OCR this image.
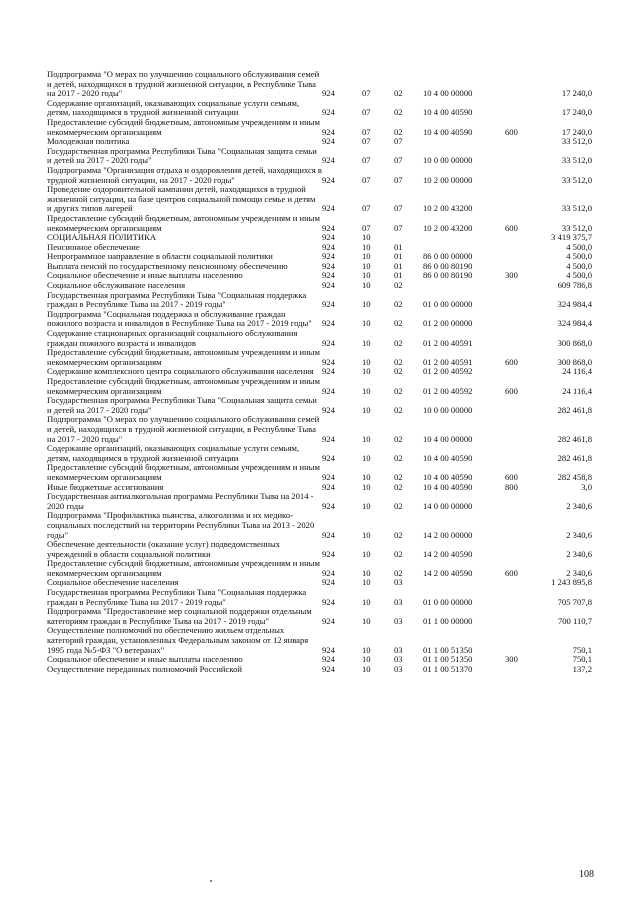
Подпрограмма "О мерах по улучшению социального обслуживания семей и детей, находящихся в трудной жизненной ситуации, в Республике Тыва на 2017 - 2020 годы"	924	07	02	10 4 00 00000		17 240,0
Содержание организаций, оказывающих социальные услуги семьям, детям, находящимся в трудной жизненной ситуации	924	07	02	10 4 00 40590		17 240,0
Предоставление субсидий бюджетным, автономным учреждениям и иным некоммерческим организациям	924	07	02	10 4 00 40590	600	17 240,0
Молодежная политика	924	07	07			33 512,0
Государственная программа Республики Тыва "Социальная защита семьи и детей на 2017 - 2020 годы"	924	07	07	10 0 00 00000		33 512,0
Подпрограмма "Организация отдыха и оздоровления детей, находящихся в трудной жизненной ситуации, на 2017 - 2020 годы"	924	07	07	10 2 00 00000		33 512,0
Проведение оздоровительной кампании детей, находящихся в трудной жизненной ситуации, на базе центров социальной помощи семье и детям и других типов лагерей	924	07	07	10 2 00 43200		33 512,0
Предоставление субсидий бюджетным, автономным учреждениям и иным некоммерческим организациям	924	07	07	10 2 00 43200	600	33 512,0
СОЦИАЛЬНАЯ ПОЛИТИКА	924	10				3 419 375,7
Пенсионное обеспечение	924	10	01			4 500,0
Непрограммное направление в области социальной политики	924	10	01	86 0 00 00000		4 500,0
Выплата пенсий по государственному пенсионному обеспечению	924	10	01	86 0 00 80190		4 500,0
Социальное обеспечение и иные выплаты населению	924	10	01	86 0 00 80190	300	4 500,0
Социальное обслуживание населения	924	10	02			609 786,8
Государственная программа Республики Тыва "Социальная поддержка граждан в Республике Тыва на 2017 - 2019 годы"	924	10	02	01 0 00 00000		324 984,4
Подпрограмма "Социальная поддержка и обслуживание граждан пожилого возраста и инвалидов в Республике Тыва на 2017 - 2019 годы"	924	10	02	01 2 00 00000		324 984,4
Содержание стационарных организаций социального обслуживания граждан пожилого возраста и инвалидов	924	10	02	01 2 00 40591		300 868,0
Предоставление субсидий бюджетным, автономным учреждениям и иным некоммерческим организациям	924	10	02	01 2 00 40591	600	300 868,0
Содержание комплексного центра социального обслуживания населения	924	10	02	01 2 00 40592		24 116,4
Предоставление субсидий бюджетным, автономным учреждениям и иным некоммерческим организациям	924	10	02	01 2 00 40592	600	24 116,4
Государственная программа Республики Тыва "Социальная защита семьи и детей на 2017 - 2020 годы"	924	10	02	10 0 00 00000		282 461,8
Подпрограмма "О мерах по улучшению социального обслуживания семей и детей, находящихся в трудной жизненной ситуации, в Республике Тыва на 2017 - 2020 годы"	924	10	02	10 4 00 00000		282 461,8
Содержание организаций, оказывающих социальные услуги семьям, детям, находящимся в трудной жизненной ситуации	924	10	02	10 4 00 40590		282 461,8
Предоставление субсидий бюджетным, автономным учреждениям и иным некоммерческим организациям	924	10	02	10 4 00 40590	600	282 458,8
Иные бюджетные ассигнования	924	10	02	10 4 00 40590	800	3,0
Государственная антиалкогольная программа Республики Тыва на 2014 - 2020 годы	924	10	02	14 0 00 00000		2 340,6
Подпрограмма "Профилактика пьянства, алкоголизма и их медико-социальных последствий на территории Республики Тыва на 2013 - 2020 годы"	924	10	02	14 2 00 00000		2 340,6
Обеспечение деятельности (оказание услуг) подведомственных учреждений в области социальной политики	924	10	02	14 2 00 40590		2 340,6
Предоставление субсидий бюджетным, автономным учреждениям и иным некоммерческим организациям	924	10	02	14 2 00 40590	600	2 340,6
Социальное обеспечение населения	924	10	03			1 243 895,8
Государственная программа Республики Тыва "Социальная поддержка граждан в Республике Тыва на 2017 - 2019 годы"	924	10	03	01 0 00 00000		705 707,8
Подпрограмма "Предоставление мер социальной поддержки отдельным категориям граждан в Республике Тыва на 2017 - 2019 годы"	924	10	03	01 1 00 00000		700 110,7
Осуществление полномочий по обеспечению жильем отдельных категорий граждан, установленных Федеральным законом от 12 января 1995 года №5-ФЗ "О ветеранах"	924	10	03	01 1 00 51350		750,1
Социальное обеспечение и иные выплаты населению	924	10	03	01 1 00 51350	300	750,1
Осуществление переданных полномочий Российской	924	10	03	01 1 00 51370		137,2
108
